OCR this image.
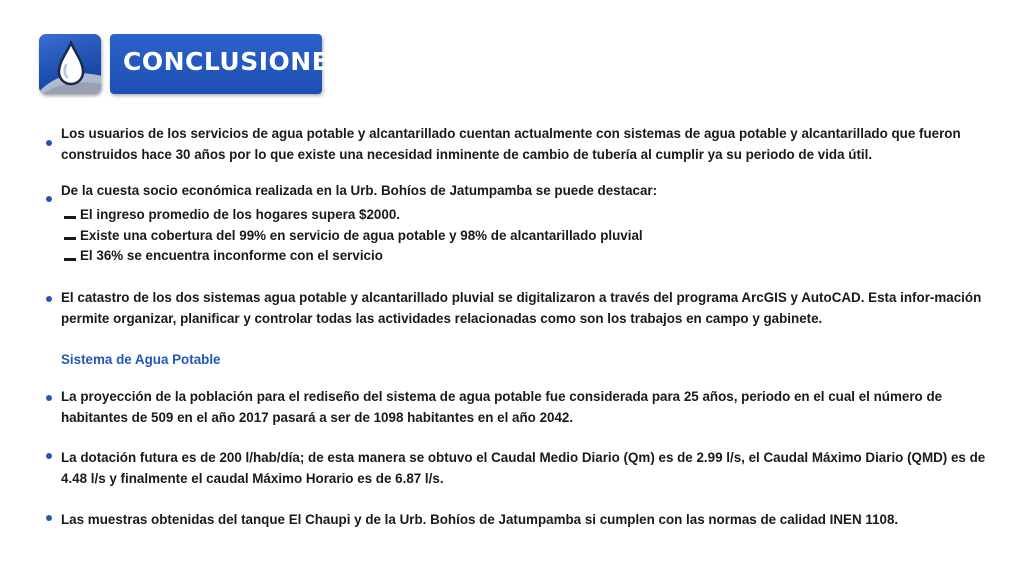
CONCLUSIONES
Los usuarios de los servicios de agua potable y alcantarillado cuentan actualmente con sistemas de agua potable y alcantarillado que fueron construidos hace 30 años por lo que existe una necesidad inminente de cambio de tubería al cumplir ya su periodo de vida útil.
De la cuesta socio económica realizada en la Urb. Bohíos de Jatumpamba se puede destacar:
El ingreso promedio de los hogares supera $2000.
Existe una cobertura del 99% en servicio de agua potable y 98% de alcantarillado pluvial
El 36% se encuentra inconforme con el servicio
El catastro de los dos sistemas agua potable y alcantarillado pluvial se digitalizaron a través del programa ArcGIS y AutoCAD. Esta infor-mación permite organizar, planificar y controlar todas las actividades relacionadas como son los trabajos en campo y gabinete.
Sistema de Agua Potable
La proyección de la población para el rediseño del sistema de agua potable fue considerada para 25 años, periodo en el cual el número de habitantes de 509 en el año 2017 pasará a ser de 1098 habitantes en el año 2042.
La dotación futura es de 200 l/hab/día; de esta manera se obtuvo el Caudal Medio Diario (Qm) es de 2.99 l/s, el Caudal Máximo Diario (QMD) es de    4.48 l/s y finalmente el caudal Máximo Horario es de 6.87 l/s.
Las muestras obtenidas del tanque El Chaupi y de la Urb. Bohíos de Jatumpamba si cumplen con las normas de calidad INEN 1108.
